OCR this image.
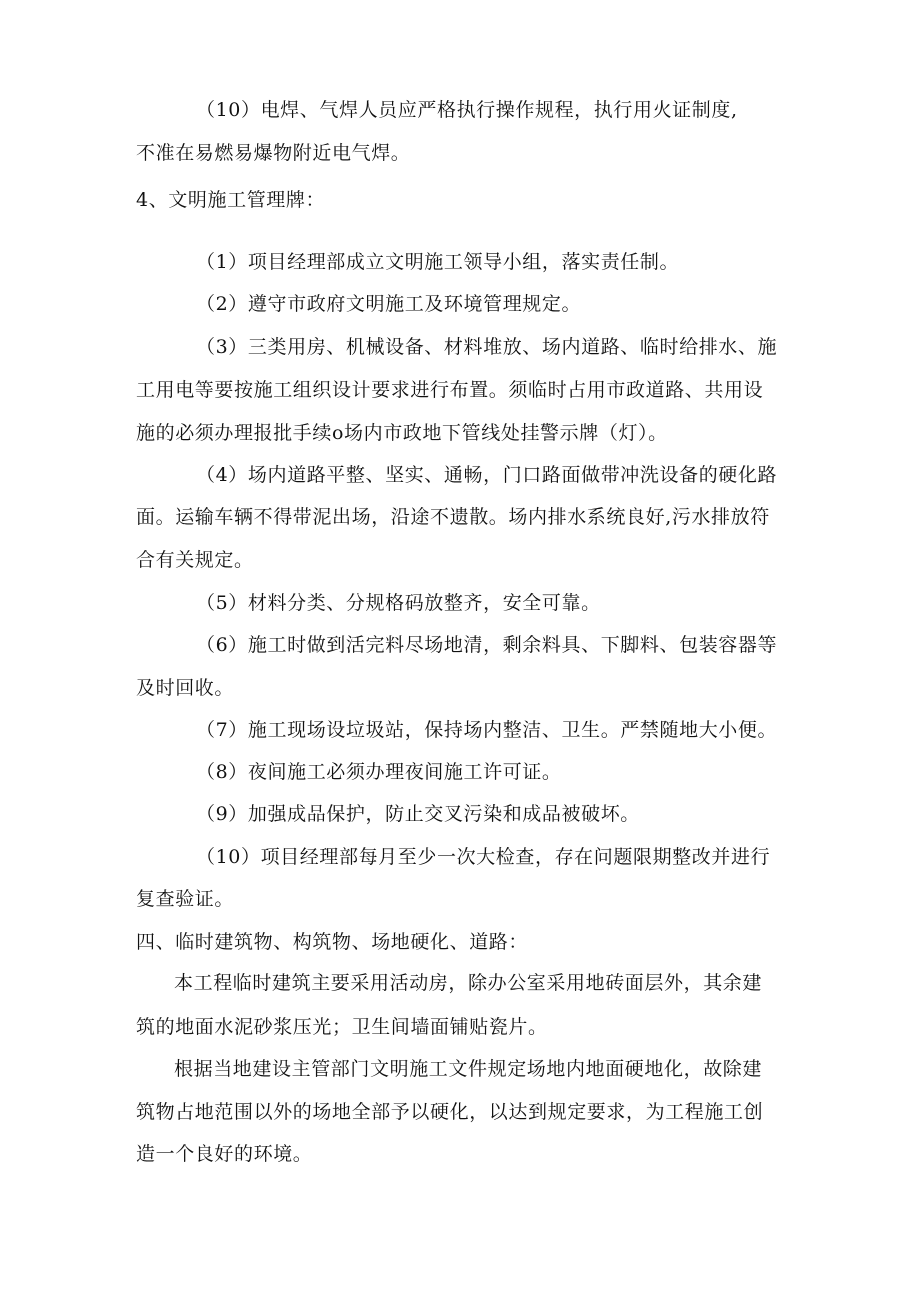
（10）电焊、气焊人员应严格执行操作规程，执行用火证制度,
不准在易燃易爆物附近电气焊。
4、文明施工管理牌：
（1）项目经理部成立文明施工领导小组，落实责任制。
（2）遵守市政府文明施工及环境管理规定。
（3）三类用房、机械设备、材料堆放、场内道路、临时给排水、施
工用电等要按施工组织设计要求进行布置。须临时占用市政道路、共用设
施的必须办理报批手续o场内市政地下管线处挂警示牌（灯）。
（4）场内道路平整、坚实、通畅，门口路面做带冲洗设备的硬化路
面。运输车辆不得带泥出场，沿途不遗散。场内排水系统良好,污水排放符
合有关规定。
（5）材料分类、分规格码放整齐，安全可靠。
（6）施工时做到活完料尽场地清，剩余料具、下脚料、包装容器等
及时回收。
（7）施工现场设垃圾站，保持场内整洁、卫生。严禁随地大小便。
（8）夜间施工必须办理夜间施工许可证。
（9）加强成品保护，防止交叉污染和成品被破坏。
（10）项目经理部每月至少一次大检查，存在问题限期整改并进行
复查验证。
四、临时建筑物、构筑物、场地硬化、道路：
本工程临时建筑主要采用活动房，除办公室采用地砖面层外，其余建
筑的地面水泥砂浆压光；卫生间墙面铺贴瓷片。
根据当地建设主管部门文明施工文件规定场地内地面硬地化，故除建
筑物占地范围以外的场地全部予以硬化，以达到规定要求，为工程施工创
造一个良好的环境。
